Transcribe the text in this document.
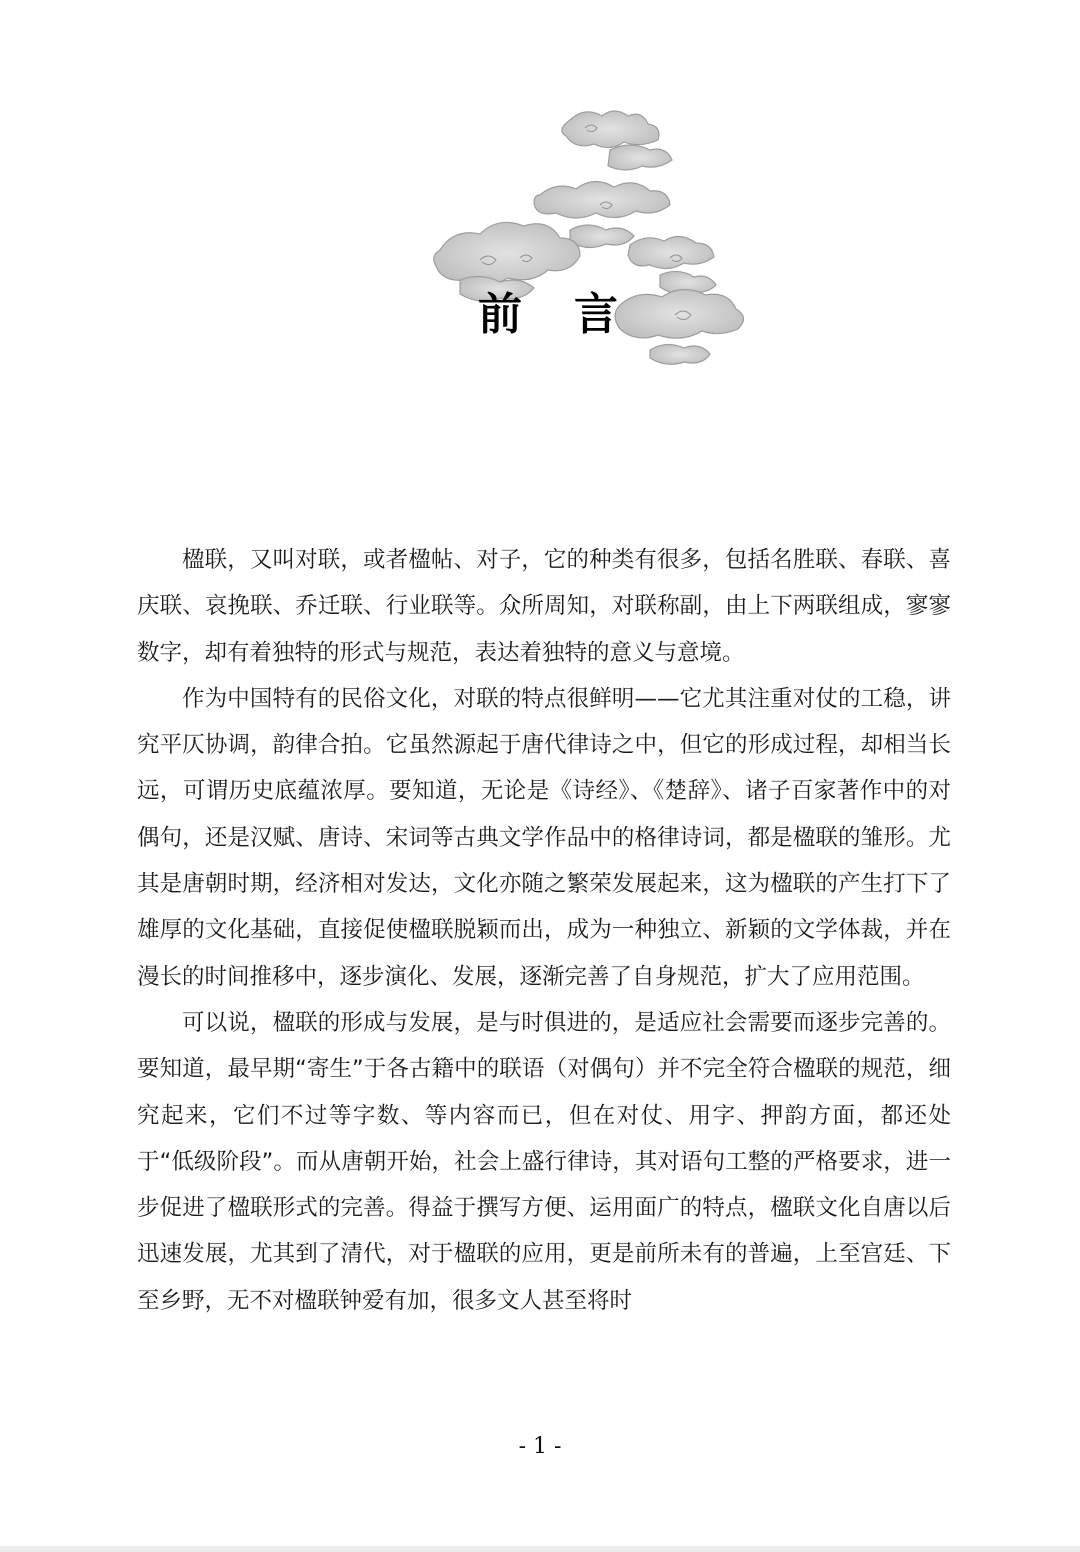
前 言

楹联，又叫对联，或者楹帖、对子，它的种类有很多，包括名胜联、春联、喜庆联、哀挽联、乔迁联、行业联等。众所周知，对联称副，由上下两联组成，寥寥数字，却有着独特的形式与规范，表达着独特的意义与意境。

作为中国特有的民俗文化，对联的特点很鲜明——它尤其注重对仗的工稳，讲究平仄协调，韵律合拍。它虽然源起于唐代律诗之中，但它的形成过程，却相当长远，可谓历史底蕴浓厚。要知道，无论是《诗经》、《楚辞》、诸子百家著作中的对偶句，还是汉赋、唐诗、宋词等古典文学作品中的格律诗词，都是楹联的雏形。尤其是唐朝时期，经济相对发达，文化亦随之繁荣发展起来，这为楹联的产生打下了雄厚的文化基础，直接促使楹联脱颖而出，成为一种独立、新颖的文学体裁，并在漫长的时间推移中，逐步演化、发展，逐渐完善了自身规范，扩大了应用范围。

可以说，楹联的形成与发展，是与时俱进的，是适应社会需要而逐步完善的。要知道，最早期“寄生”于各古籍中的联语（对偶句）并不完全符合楹联的规范，细究起来，它们不过等字数、等内容而已，但在对仗、用字、押韵方面，都还处于“低级阶段”。而从唐朝开始，社会上盛行律诗，其对语句工整的严格要求，进一步促进了楹联形式的完善。得益于撰写方便、运用面广的特点，楹联文化自唐以后迅速发展，尤其到了清代，对于楹联的应用，更是前所未有的普遍，上至宫廷、下至乡野，无不对楹联钟爱有加，很多文人甚至将时

- 1 -
